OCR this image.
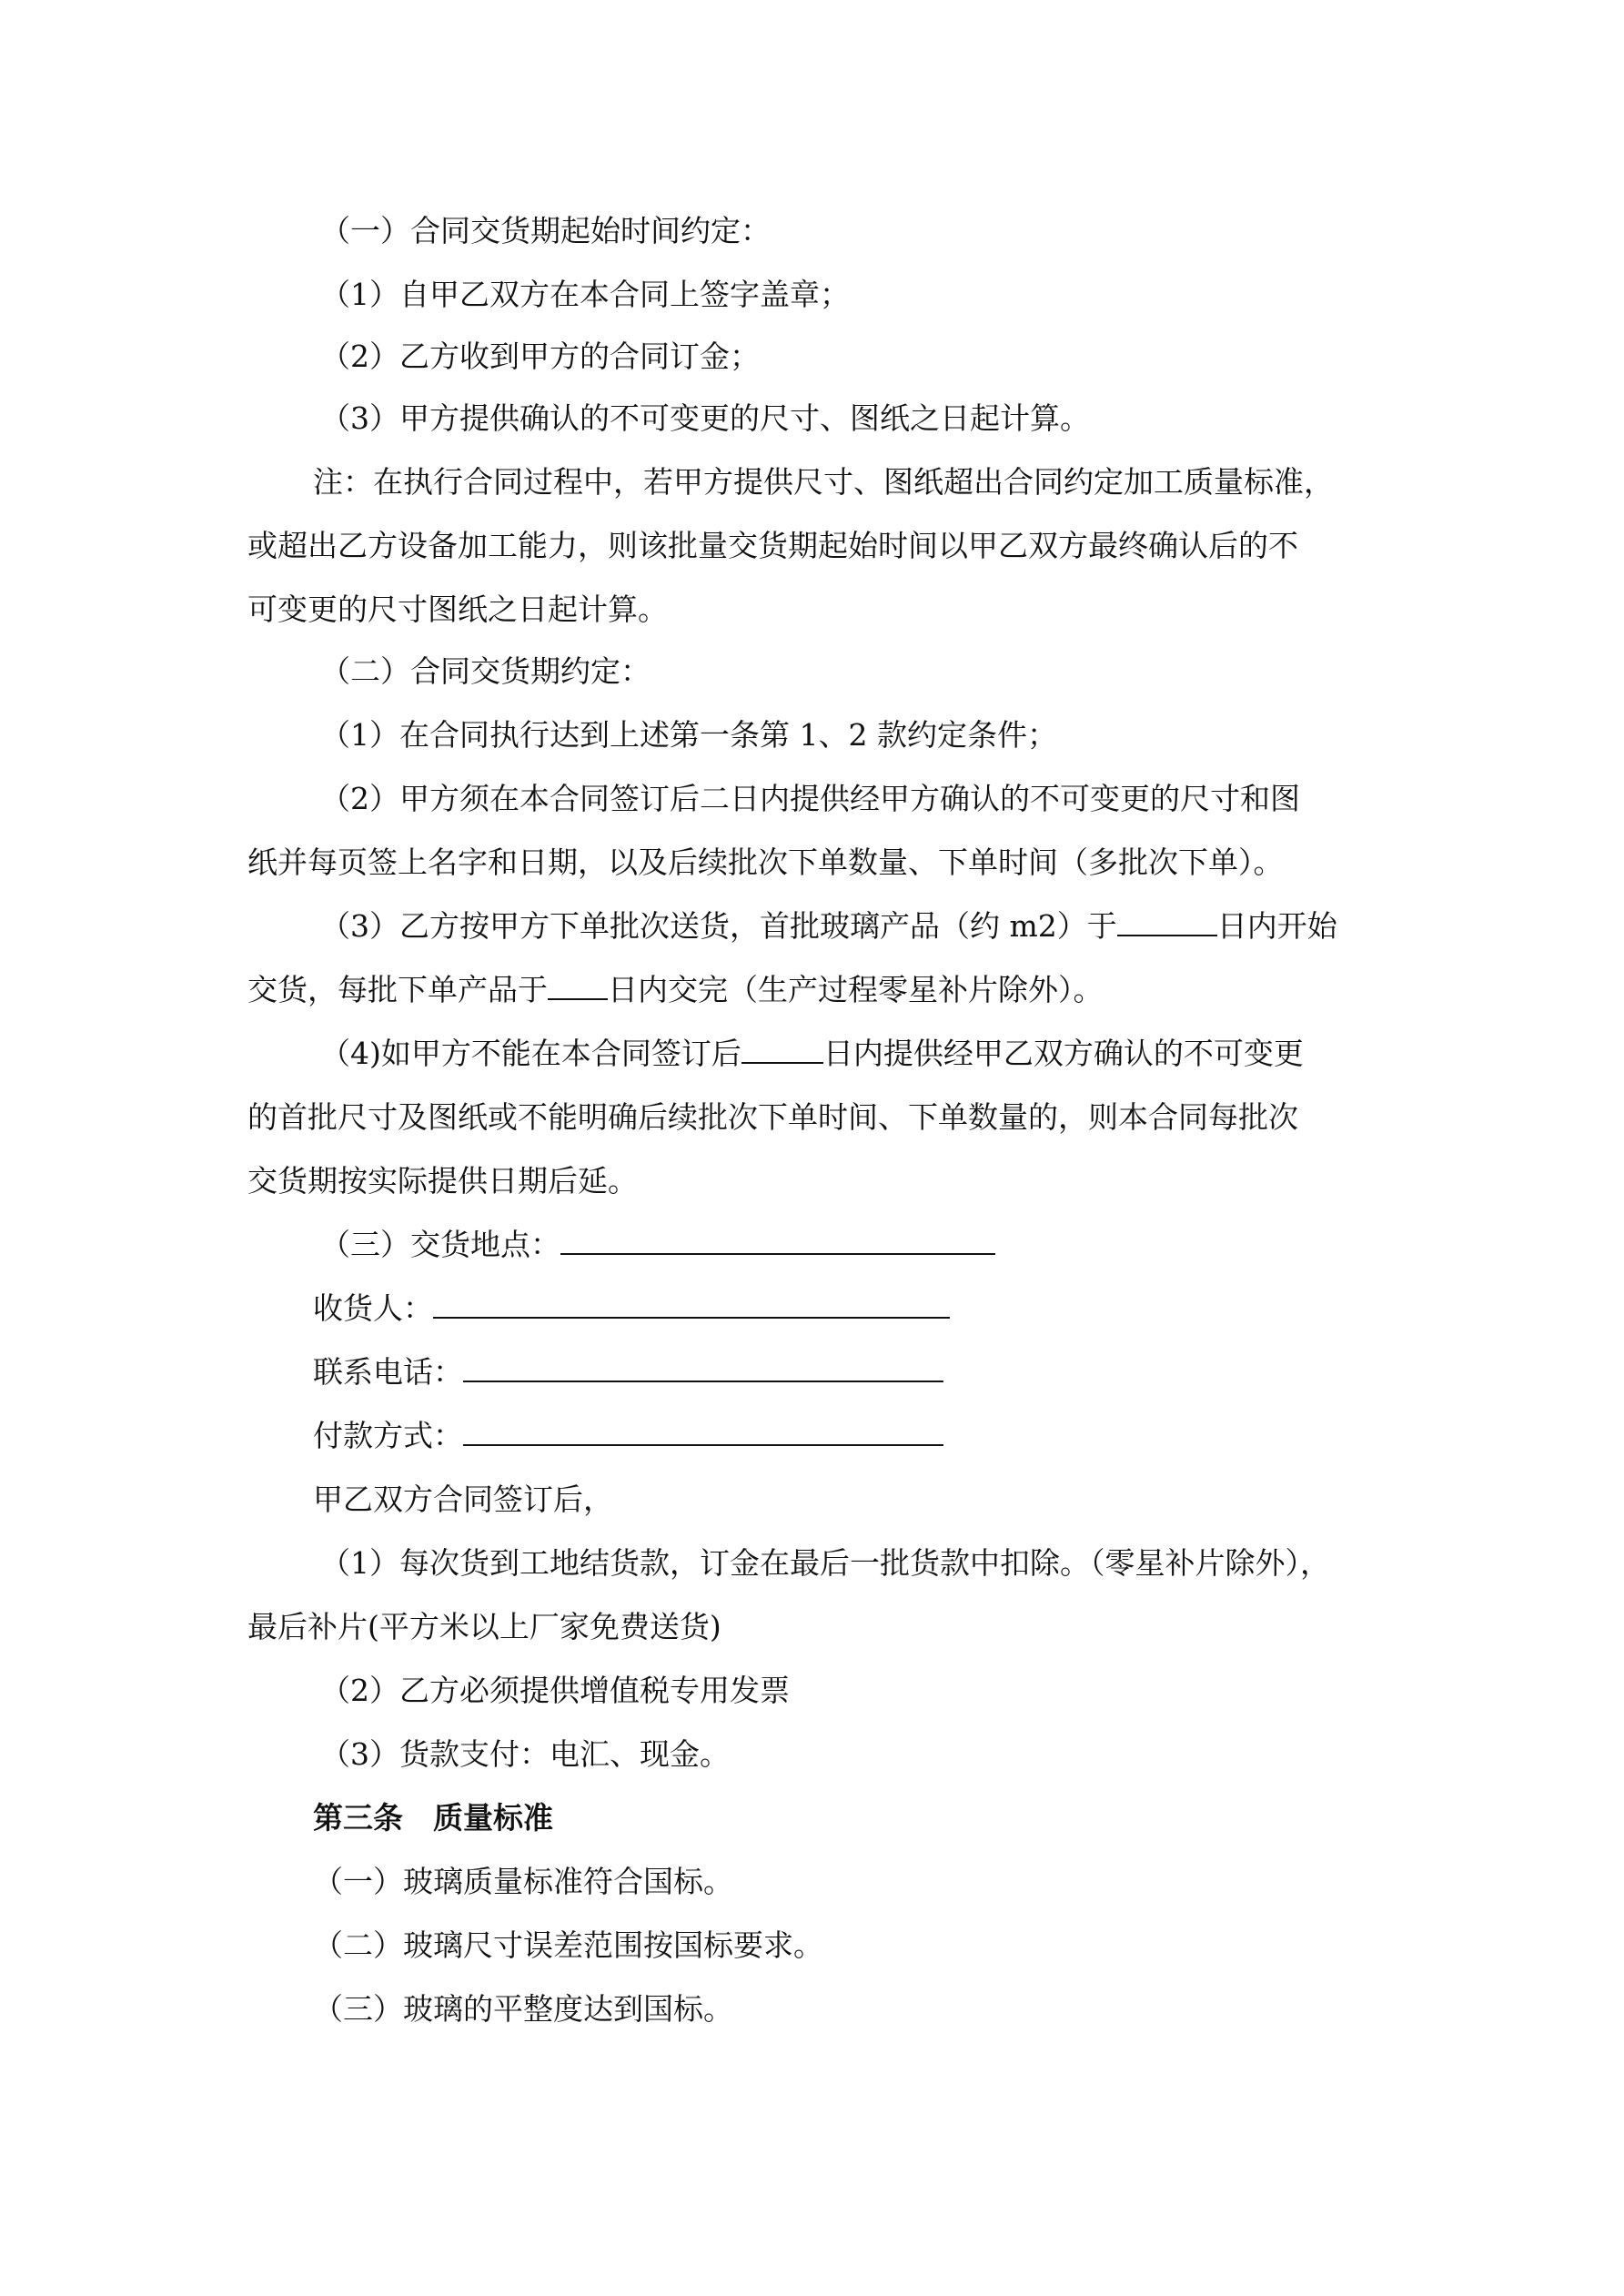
（一）合同交货期起始时间约定：
（1）自甲乙双方在本合同上签字盖章；
（2）乙方收到甲方的合同订金；
（3）甲方提供确认的不可变更的尺寸、图纸之日起计算。
注：在执行合同过程中，若甲方提供尺寸、图纸超出合同约定加工质量标准，
或超出乙方设备加工能力，则该批量交货期起始时间以甲乙双方最终确认后的不
可变更的尺寸图纸之日起计算。
（二）合同交货期约定：
（1）在合同执行达到上述第一条第 1、2 款约定条件；
（2）甲方须在本合同签订后二日内提供经甲方确认的不可变更的尺寸和图
纸并每页签上名字和日期，以及后续批次下单数量、下单时间（多批次下单）。
（3）乙方按甲方下单批次送货，首批玻璃产品（约 m2）于	日内开始
交货，每批下单产品于 日内交完（生产过程零星补片除外）。
（4)如甲方不能在本合同签订后	日内提供经甲乙双方确认的不可变更
的首批尺寸及图纸或不能明确后续批次下单时间、下单数量的，则本合同每批次
交货期按实际提供日期后延。
（三）交货地点：
收货人：
联系电话：
付款方式：
甲乙双方合同签订后，
（1）每次货到工地结货款，订金在最后一批货款中扣除。（零星补片除外），
最后补片(平方米以上厂家免费送货)
（2）乙方必须提供增值税专用发票
（3）货款支付：电汇、现金。
第三条　质量标准
（一）玻璃质量标准符合国标。
（二）玻璃尺寸误差范围按国标要求。
（三）玻璃的平整度达到国标。
